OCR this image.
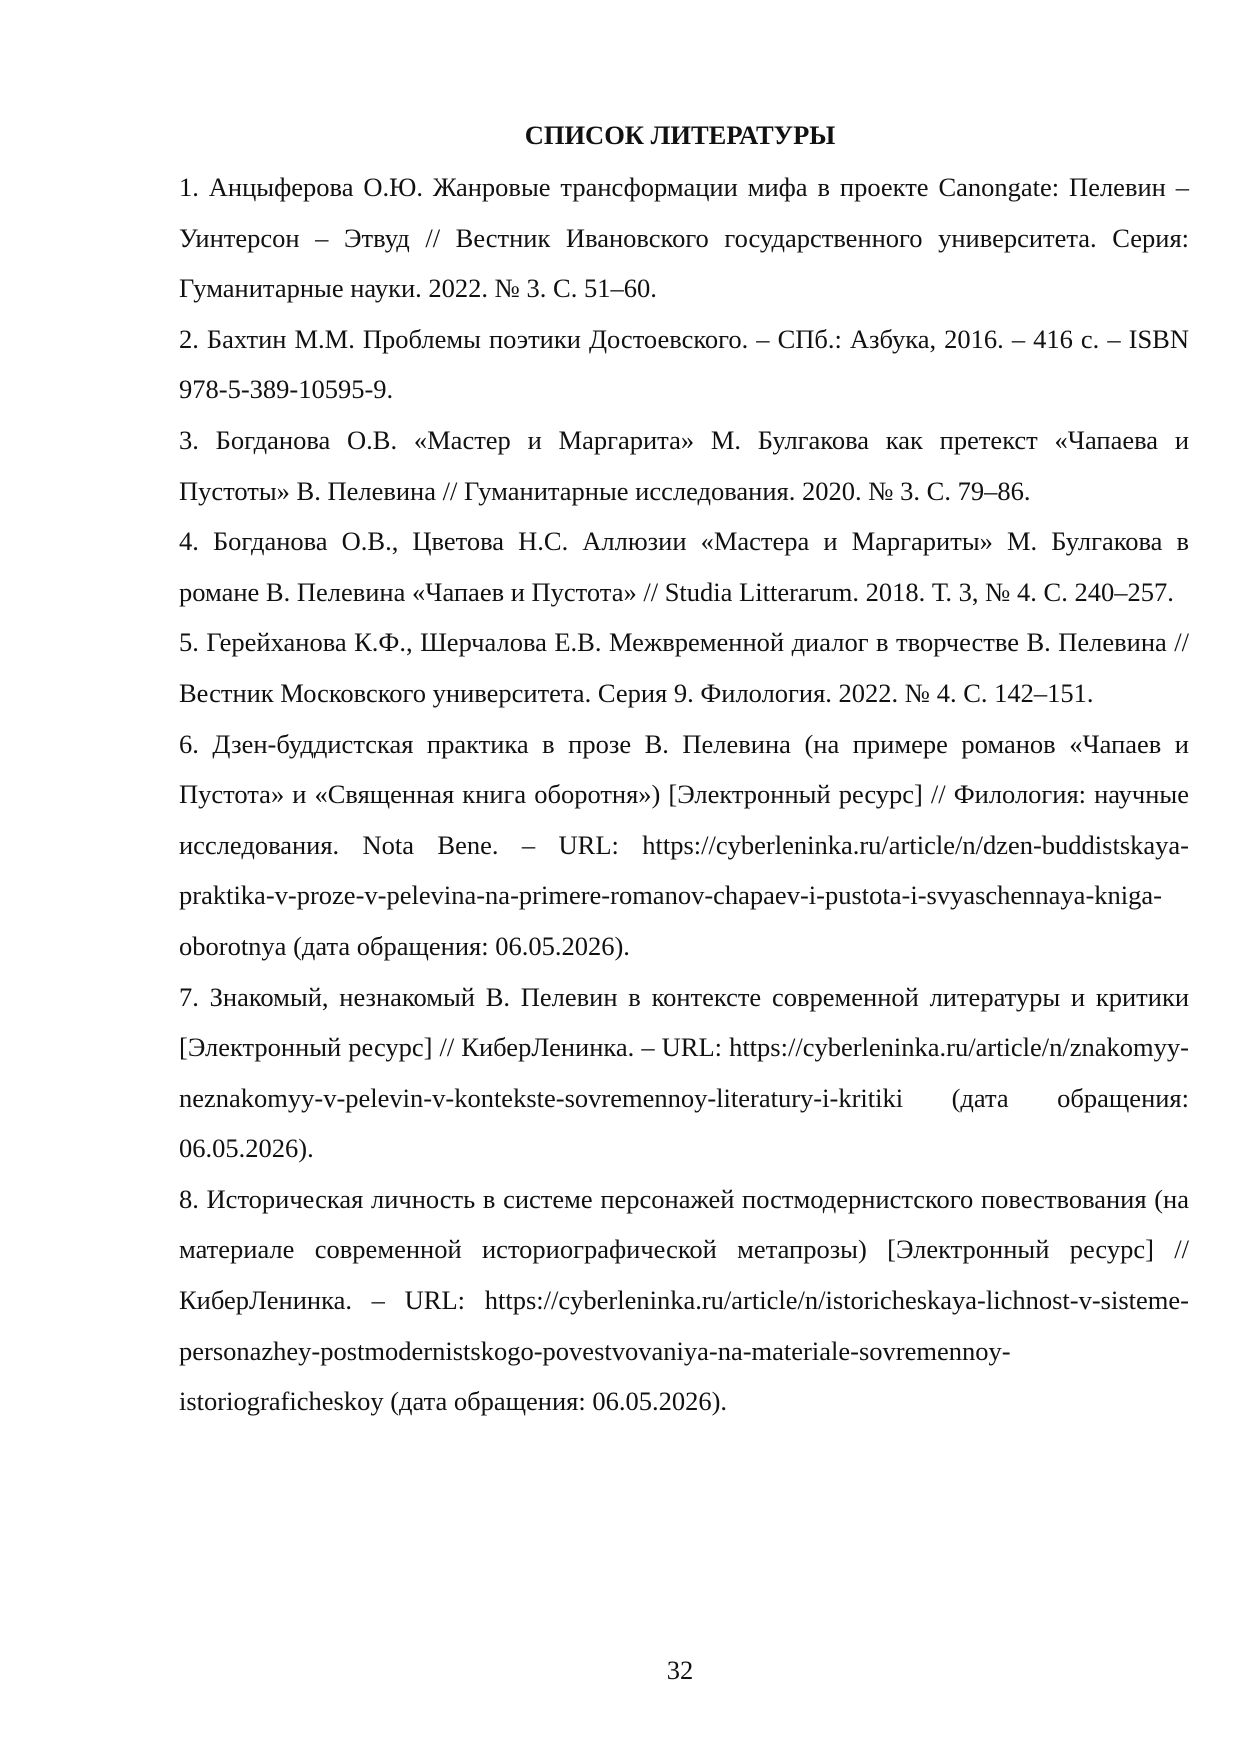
СПИСОК ЛИТЕРАТУРЫ
1. Анцыферова О.Ю. Жанровые трансформации мифа в проекте Canongate: Пелевин – Уинтерсон – Этвуд // Вестник Ивановского государственного университета. Серия: Гуманитарные науки. 2022. № 3. С. 51–60.
2. Бахтин М.М. Проблемы поэтики Достоевского. – СПб.: Азбука, 2016. – 416 с. – ISBN 978-5-389-10595-9.
3. Богданова О.В. «Мастер и Маргарита» М. Булгакова как претекст «Чапаева и Пустоты» В. Пелевина // Гуманитарные исследования. 2020. № 3. С. 79–86.
4. Богданова О.В., Цветова Н.С. Аллюзии «Мастера и Маргариты» М. Булгакова в романе В. Пелевина «Чапаев и Пустота» // Studia Litterarum. 2018. Т. 3, № 4. С. 240–257.
5. Герейханова К.Ф., Шерчалова Е.В. Межвременной диалог в творчестве В. Пелевина // Вестник Московского университета. Серия 9. Филология. 2022. № 4. С. 142–151.
6. Дзен-буддистская практика в прозе В. Пелевина (на примере романов «Чапаев и Пустота» и «Священная книга оборотня») [Электронный ресурс] // Филология: научные исследования. Nota Bene. – URL: https://cyberleninka.ru/article/n/dzen-buddistskaya-praktika-v-proze-v-pelevina-na-primere-romanov-chapaev-i-pustota-i-svyaschennaya-kniga-oborotnya (дата обращения: 06.05.2026).
7. Знакомый, незнакомый В. Пелевин в контексте современной литературы и критики [Электронный ресурс] // КиберЛенинка. – URL: https://cyberleninka.ru/article/n/znakomyy-neznakomyy-v-pelevin-v-kontekste-sovremennoy-literatury-i-kritiki (дата обращения: 06.05.2026).
8. Историческая личность в системе персонажей постмодернистского повествования (на материале современной историографической метапрозы) [Электронный ресурс] // КиберЛенинка. – URL: https://cyberleninka.ru/article/n/istoricheskaya-lichnost-v-sisteme-personazhey-postmodernistskogo-povestvovaniya-na-materiale-sovremennoy-istoriograficheskoy (дата обращения: 06.05.2026).
32
